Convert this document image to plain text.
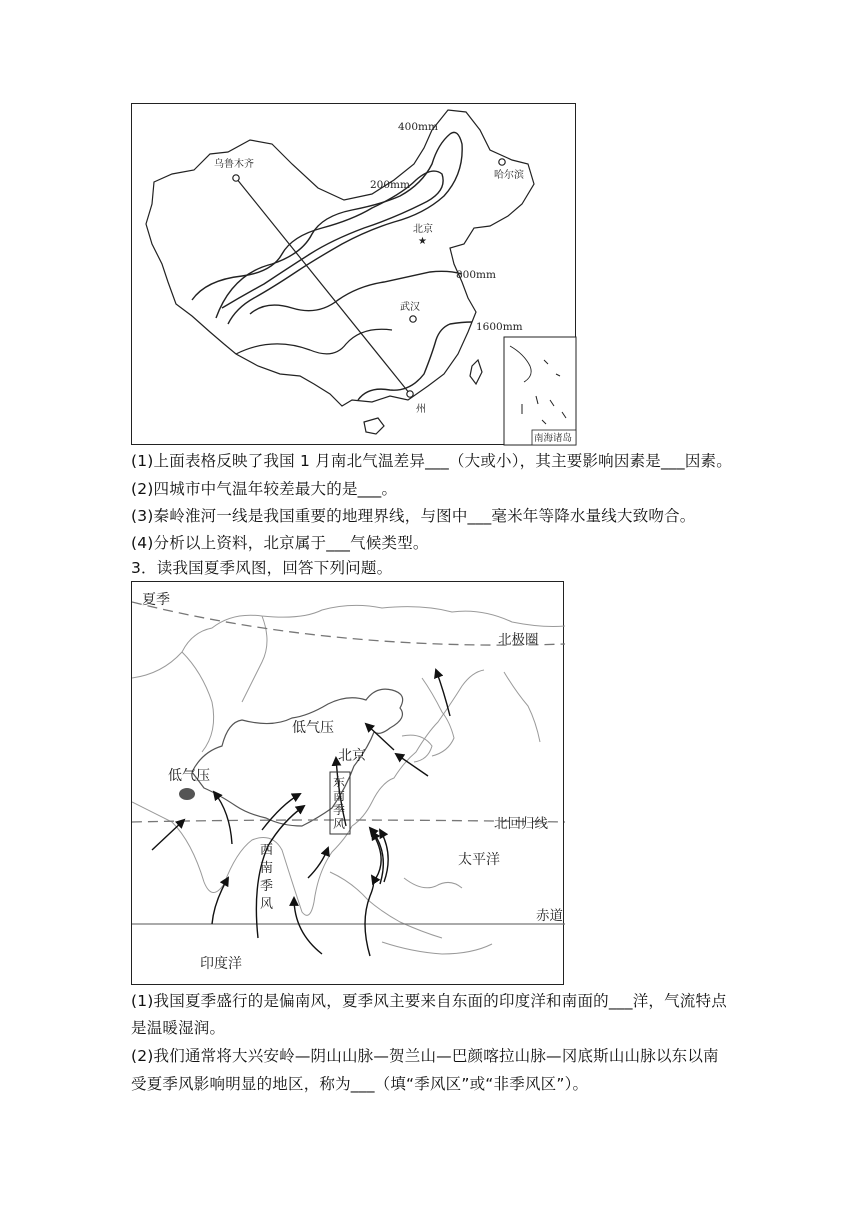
★
400mm
200mm
800mm
1600mm
乌鲁木齐
哈尔滨
北京
武汉
州
南海诸岛
(1)上面表格反映了我国 1 月南北气温差异___（大或小），其主要影响因素是___因素。
(2)四城市中气温年较差最大的是___。
(3)秦岭淮河一线是我国重要的地理界线，与图中___毫米年等降水量线大致吻合。
(4)分析以上资料，北京属于___气候类型。
3．读我国夏季风图，回答下列问题。
夏季
北极圈
低气压
低气压
北京
东
南
季
风
西
南
季
风
北回归线
太平洋
赤道
印度洋
(1)我国夏季盛行的是偏南风，夏季风主要来自东面的印度洋和南面的___洋，气流特点
是温暖湿润。
(2)我们通常将大兴安岭—阴山山脉—贺兰山—巴颜喀拉山脉—冈底斯山山脉以东以南
受夏季风影响明显的地区，称为___（填“季风区”或“非季风区”）。
